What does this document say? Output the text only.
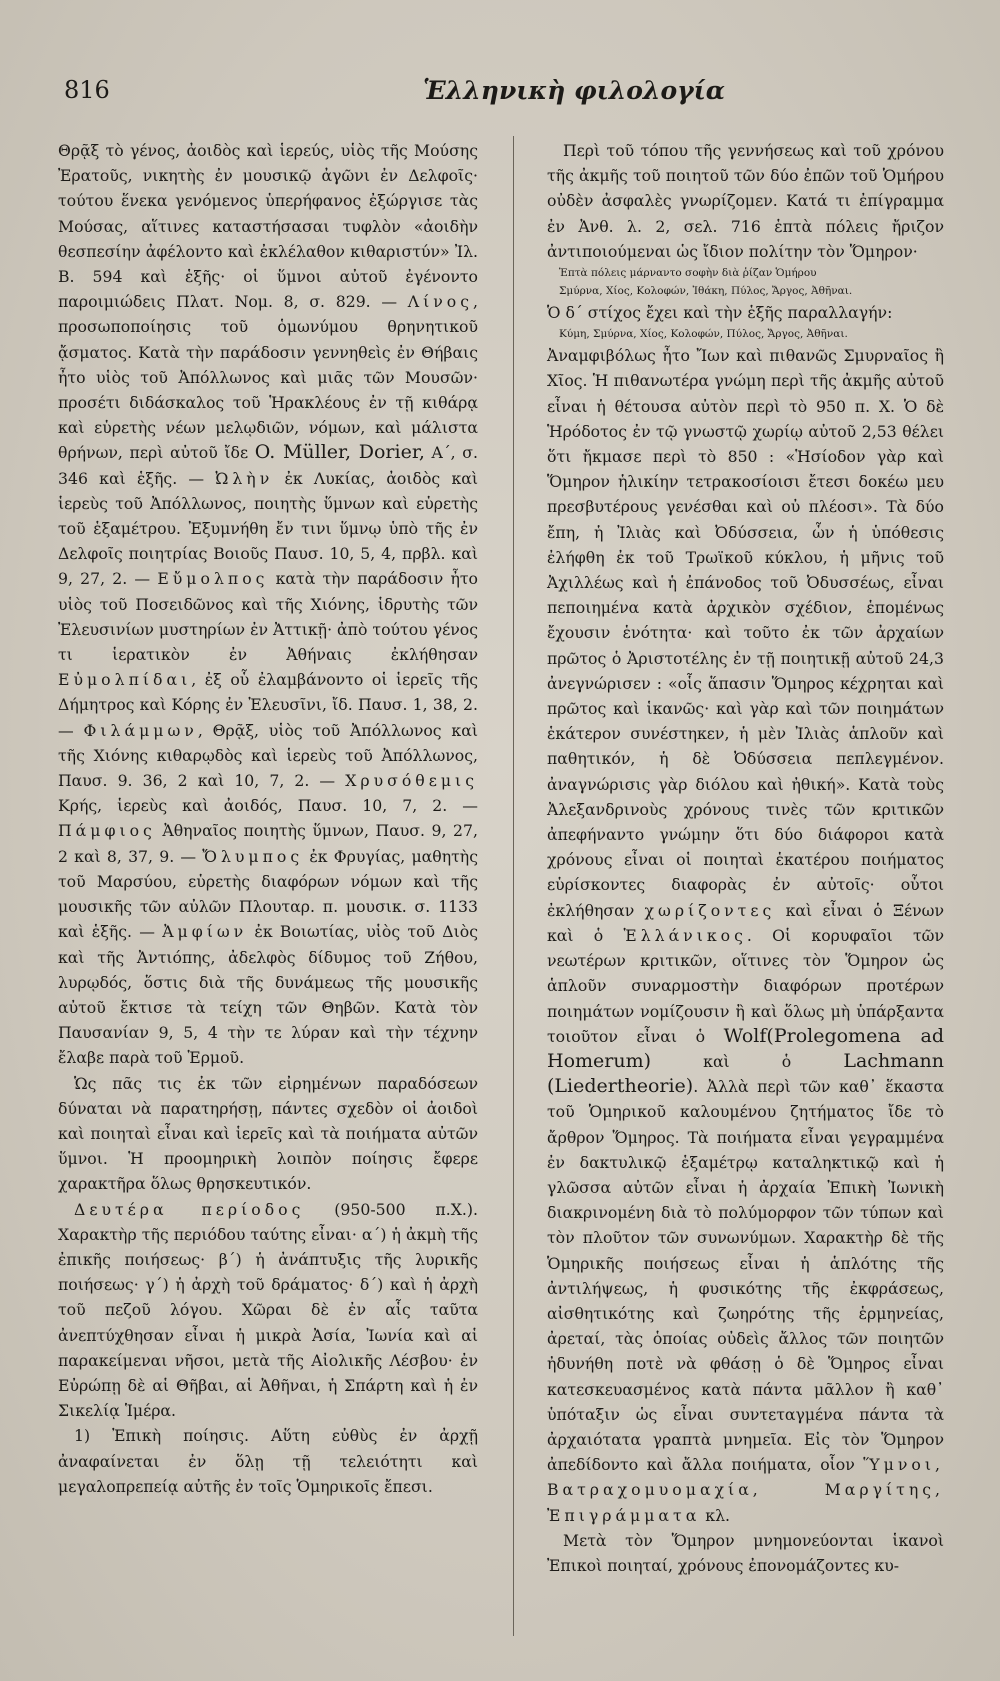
816	Ἑλληνικὴ φιλολογία

Θρᾷξ τὸ γένος, ἀοιδὸς καὶ ἱερεύς, υἱὸς τῆς Μούσης Ἐρατοῦς, νικητὴς ἐν μουσικῷ ἀγῶνι ἐν Δελφοῖς· τούτου ἕνεκα γενόμενος ὑπερήφανος ἐξώργισε τὰς Μούσας, αἵτινες καταστήσασαι τυφλὸν «ἀοιδὴν θεσπεσίην ἀφέλοντο καὶ ἐκλέλαθον κιθαριστύν» Ἰλ. Β. 594 καὶ ἑξῆς· οἱ ὕμνοι αὐτοῦ ἐγένοντο παροιμιώδεις Πλατ. Νομ. 8, σ. 829. — Λίνος, προσωποποίησις τοῦ ὁμωνύμου θρηνητικοῦ ᾄσματος. Κατὰ τὴν παράδοσιν γεννηθεὶς ἐν Θήβαις ἦτο υἱὸς τοῦ Ἀπόλλωνος καὶ μιᾶς τῶν Μουσῶν· προσέτι διδάσκαλος τοῦ Ἡρακλέους ἐν τῇ κιθάρᾳ καὶ εὑρετὴς νέων μελῳδιῶν, νόμων, καὶ μάλιστα θρήνων, περὶ αὐτοῦ ἴδε O. Müller, Dorier, Α΄, σ. 346 καὶ ἑξῆς. — Ὠλὴν ἐκ Λυκίας, ἀοιδὸς καὶ ἱερεὺς τοῦ Ἀπόλλωνος, ποιητὴς ὕμνων καὶ εὑρετὴς τοῦ ἑξαμέτρου. Ἐξυμνήθη ἔν τινι ὕμνῳ ὑπὸ τῆς ἐν Δελφοῖς ποιητρίας Βοιοῦς Παυσ. 10, 5, 4, πρβλ. καὶ 9, 27, 2. — Εὔμολπος κατὰ τὴν παράδοσιν ἦτο υἱὸς τοῦ Ποσειδῶνος καὶ τῆς Χιόνης, ἱδρυτὴς τῶν Ἐλευσινίων μυστηρίων ἐν Ἀττικῇ· ἀπὸ τούτου γένος τι ἱερατικὸν ἐν Ἀθήναις ἐκλήθησαν Εὐμολπίδαι, ἐξ οὗ ἐλαμβάνοντο οἱ ἱερεῖς τῆς Δήμητρος καὶ Κόρης ἐν Ἐλευσῖνι, ἴδ. Παυσ. 1, 38, 2. — Φιλάμμων, Θρᾷξ, υἱὸς τοῦ Ἀπόλλωνος καὶ τῆς Χιόνης κιθαρῳδὸς καὶ ἱερεὺς τοῦ Ἀπόλλωνος, Παυσ. 9. 36, 2 καὶ 10, 7, 2. — Χρυσόθεμις Κρής, ἱερεὺς καὶ ἀοιδός, Παυσ. 10, 7, 2. — Πάμφιος Ἀθηναῖος ποιητὴς ὕμνων, Παυσ. 9, 27, 2 καὶ 8, 37, 9. — Ὄλυμπος ἐκ Φρυγίας, μαθητὴς τοῦ Μαρσύου, εὑρετὴς διαφόρων νόμων καὶ τῆς μουσικῆς τῶν αὐλῶν Πλουταρ. π. μουσικ. σ. 1133 καὶ ἑξῆς. — Ἀμφίων ἐκ Βοιωτίας, υἱὸς τοῦ Διὸς καὶ τῆς Ἀντιόπης, ἀδελφὸς δίδυμος τοῦ Ζήθου, λυρῳδός, ὅστις διὰ τῆς δυνάμεως τῆς μουσικῆς αὐτοῦ ἔκτισε τὰ τείχη τῶν Θηβῶν. Κατὰ τὸν Παυσανίαν 9, 5, 4 τὴν τε λύραν καὶ τὴν τέχνην ἔλαβε παρὰ τοῦ Ἑρμοῦ.

Ὡς πᾶς τις ἐκ τῶν εἰρημένων παραδόσεων δύναται νὰ παρατηρήσῃ, πάντες σχεδὸν οἱ ἀοιδοὶ καὶ ποιηταὶ εἶναι καὶ ἱερεῖς καὶ τὰ ποιήματα αὐτῶν ὕμνοι. Ἡ προομηρικὴ λοιπὸν ποίησις ἔφερε χαρακτῆρα ὅλως θρησκευτικόν.

Δευτέρα περίοδος (950-500 π.Χ.). Χαρακτὴρ τῆς περιόδου ταύτης εἶναι· α΄) ἡ ἀκμὴ τῆς ἐπικῆς ποιήσεως· β΄) ἡ ἀνάπτυξις τῆς λυρικῆς ποιήσεως· γ΄) ἡ ἀρχὴ τοῦ δράματος· δ΄) καὶ ἡ ἀρχὴ τοῦ πεζοῦ λόγου. Χῶραι δὲ ἐν αἷς ταῦτα ἀνεπτύχθησαν εἶναι ἡ μικρὰ Ἀσία, Ἰωνία καὶ αἱ παρακείμεναι νῆσοι, μετὰ τῆς Αἰολικῆς Λέσβου· ἐν Εὐρώπῃ δὲ αἱ Θῆβαι, αἱ Ἀθῆναι, ἡ Σπάρτη καὶ ἡ ἐν Σικελίᾳ Ἱμέρα.

1) Ἐπικὴ ποίησις. Αὕτη εὐθὺς ἐν ἀρχῇ ἀναφαίνεται ἐν ὅλῃ τῇ τελειότητι καὶ μεγαλοπρεπείᾳ αὐτῆς ἐν τοῖς Ὁμηρικοῖς ἔπεσι.

Περὶ τοῦ τόπου τῆς γεννήσεως καὶ τοῦ χρόνου τῆς ἀκμῆς τοῦ ποιητοῦ τῶν δύο ἐπῶν τοῦ Ὁμήρου οὐδὲν ἀσφαλὲς γνωρίζομεν. Κατά τι ἐπίγραμμα ἐν Ἀνθ. λ. 2, σελ. 716 ἑπτὰ πόλεις ἤριζον ἀντιποιούμεναι ὡς ἴδιον πολίτην τὸν Ὅμηρον·

Ἑπτὰ πόλεις μάρναντο σοφὴν διὰ ῥίζαν Ὁμήρου

Σμύρνα, Χίος, Κολοφών, Ἰθάκη, Πύλος, Ἄργος, Ἀθῆναι.

Ὁ δ΄ στίχος ἔχει καὶ τὴν ἑξῆς παραλλαγήν:

Κύμη, Σμύρνα, Χίος, Κολοφών, Πύλος, Ἄργος, Ἀθῆναι.

Ἀναμφιβόλως ἦτο Ἴων καὶ πιθανῶς Σμυρναῖος ἢ Χῖος. Ἡ πιθανωτέρα γνώμη περὶ τῆς ἀκμῆς αὐτοῦ εἶναι ἡ θέτουσα αὐτὸν περὶ τὸ 950 π. Χ. Ὁ δὲ Ἡρόδοτος ἐν τῷ γνωστῷ χωρίῳ αὐτοῦ 2,53 θέλει ὅτι ἤκμασε περὶ τὸ 850 : «Ἡσίοδον γὰρ καὶ Ὅμηρον ἡλικίην τετρακοσίοισι ἔτεσι δοκέω μευ πρεσβυτέρους γενέσθαι καὶ οὐ πλέοσι». Τὰ δύο ἔπη, ἡ Ἰλιὰς καὶ Ὀδύσσεια, ὧν ἡ ὑπόθεσις ἐλήφθη ἐκ τοῦ Τρωϊκοῦ κύκλου, ἡ μῆνις τοῦ Ἀχιλλέως καὶ ἡ ἐπάνοδος τοῦ Ὀδυσσέως, εἶναι πεποιημένα κατὰ ἀρχικὸν σχέδιον, ἑπομένως ἔχουσιν ἑνότητα· καὶ τοῦτο ἐκ τῶν ἀρχαίων πρῶτος ὁ Ἀριστοτέλης ἐν τῇ ποιητικῇ αὐτοῦ 24,3 ἀνεγνώρισεν : «οἷς ἅπασιν Ὅμηρος κέχρηται καὶ πρῶτος καὶ ἱκανῶς· καὶ γὰρ καὶ τῶν ποιημάτων ἑκάτερον συνέστηκεν, ἡ μὲν Ἰλιὰς ἁπλοῦν καὶ παθητικόν, ἡ δὲ Ὀδύσσεια πεπλεγμένον. ἀναγνώρισις γὰρ διόλου καὶ ἠθική». Κατὰ τοὺς Ἀλεξανδρινοὺς χρόνους τινὲς τῶν κριτικῶν ἀπεφήναντο γνώμην ὅτι δύο διάφοροι κατὰ χρόνους εἶναι οἱ ποιηταὶ ἑκατέρου ποιήματος εὑρίσκοντες διαφορὰς ἐν αὐτοῖς· οὗτοι ἐκλήθησαν χωρίζοντες καὶ εἶναι ὁ Ξένων καὶ ὁ Ἑλλάνικος. Οἱ κορυφαῖοι τῶν νεωτέρων κριτικῶν, οἵτινες τὸν Ὅμηρον ὡς ἁπλοῦν συναρμοστὴν διαφόρων προτέρων ποιημάτων νομίζουσιν ἢ καὶ ὅλως μὴ ὑπάρξαντα τοιοῦτον εἶναι ὁ Wolf(Prolegomena ad Homerum) καὶ ὁ Lachmann (Liedertheorie). Ἀλλὰ περὶ τῶν καθ᾽ ἕκαστα τοῦ Ὁμηρικοῦ καλουμένου ζητήματος ἴδε τὸ ἄρθρον Ὅμηρος. Τὰ ποιήματα εἶναι γεγραμμένα ἐν δακτυλικῷ ἑξαμέτρῳ καταληκτικῷ καὶ ἡ γλῶσσα αὐτῶν εἶναι ἡ ἀρχαία Ἐπικὴ Ἰωνικὴ διακρινομένη διὰ τὸ πολύμορφον τῶν τύπων καὶ τὸν πλοῦτον τῶν συνωνύμων. Χαρακτὴρ δὲ τῆς Ὁμηρικῆς ποιήσεως εἶναι ἡ ἁπλότης τῆς ἀντιλήψεως, ἡ φυσικότης τῆς ἐκφράσεως, αἰσθητικότης καὶ ζωηρότης τῆς ἑρμηνείας, ἀρεταί, τὰς ὁποίας οὐδεὶς ἄλλος τῶν ποιητῶν ἠδυνήθη ποτὲ νὰ φθάσῃ ὁ δὲ Ὅμηρος εἶναι κατεσκευασμένος κατὰ πάντα μᾶλλον ἢ καθ᾽ ὑπόταξιν ὡς εἶναι συντεταγμένα πάντα τὰ ἀρχαιότατα γραπτὰ μνημεῖα. Εἰς τὸν Ὅμηρον ἀπεδίδοντο καὶ ἄλλα ποιήματα, οἷον Ὕμνοι, Βατραχομυομαχία, Μαργίτης, Ἐπιγράμματα κλ.

Μετὰ τὸν Ὅμηρον μνημονεύονται ἱκανοὶ Ἐπικοὶ ποιηταί, χρόνους ἐπονομάζοντες κυ-
